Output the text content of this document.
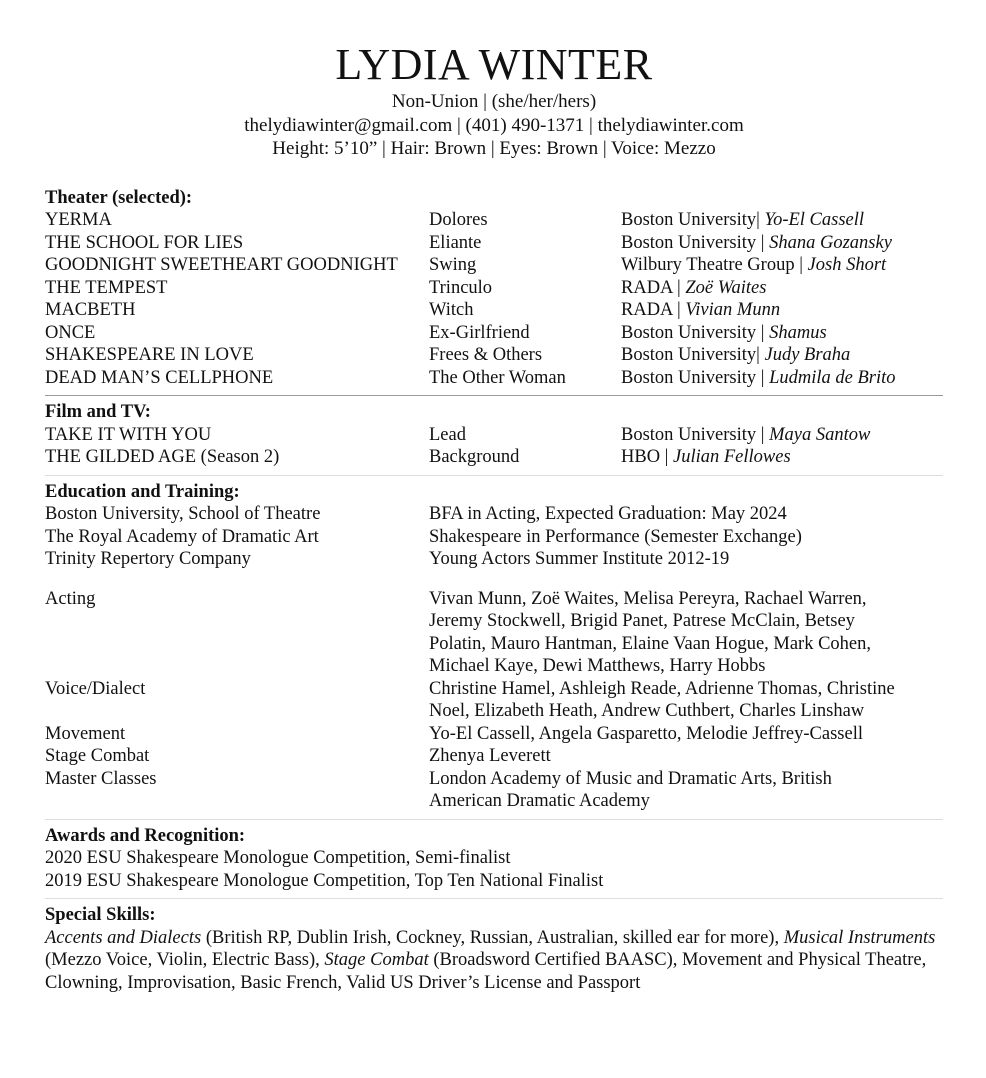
LYDIA WINTER
Non-Union | (she/her/hers)
thelydiawinter@gmail.com | (401) 490-1371 | thelydiawinter.com
Height: 5’10” | Hair: Brown | Eyes: Brown | Voice: Mezzo
Theater (selected):
YERMA	Dolores	Boston University| Yo-El Cassell
THE SCHOOL FOR LIES	Eliante	Boston University | Shana Gozansky
GOODNIGHT SWEETHEART GOODNIGHT	Swing	Wilbury Theatre Group | Josh Short
THE TEMPEST	Trinculo	RADA | Zoë Waites
MACBETH	Witch	RADA | Vivian Munn
ONCE	Ex-Girlfriend	Boston University | Shamus
SHAKESPEARE IN LOVE	Frees & Others	Boston University| Judy Braha
DEAD MAN’S CELLPHONE	The Other Woman	Boston University | Ludmila de Brito
Film and TV:
TAKE IT WITH YOU	Lead	Boston University | Maya Santow
THE GILDED AGE (Season 2)	Background	HBO | Julian Fellowes
Education and Training:
Boston University, School of Theatre	BFA in Acting, Expected Graduation: May 2024
The Royal Academy of Dramatic Art	Shakespeare in Performance (Semester Exchange)
Trinity Repertory Company	Young Actors Summer Institute 2012-19
Acting	Vivan Munn, Zoë Waites, Melisa Pereyra, Rachael Warren,
Jeremy Stockwell, Brigid Panet, Patrese McClain, Betsey
Polatin, Mauro Hantman, Elaine Vaan Hogue, Mark Cohen,
Michael Kaye, Dewi Matthews, Harry Hobbs
Voice/Dialect	Christine Hamel, Ashleigh Reade, Adrienne Thomas, Christine
Noel, Elizabeth Heath, Andrew Cuthbert, Charles Linshaw
Movement	Yo-El Cassell, Angela Gasparetto, Melodie Jeffrey-Cassell
Stage Combat	Zhenya Leverett
Master Classes	London Academy of Music and Dramatic Arts, British
American Dramatic Academy
Awards and Recognition:
2020 ESU Shakespeare Monologue Competition, Semi-finalist
2019 ESU Shakespeare Monologue Competition, Top Ten National Finalist
Special Skills:
Accents and Dialects (British RP, Dublin Irish, Cockney, Russian, Australian, skilled ear for more), Musical Instruments (Mezzo Voice, Violin, Electric Bass), Stage Combat (Broadsword Certified BAASC), Movement and Physical Theatre, Clowning, Improvisation, Basic French, Valid US Driver’s License and Passport
